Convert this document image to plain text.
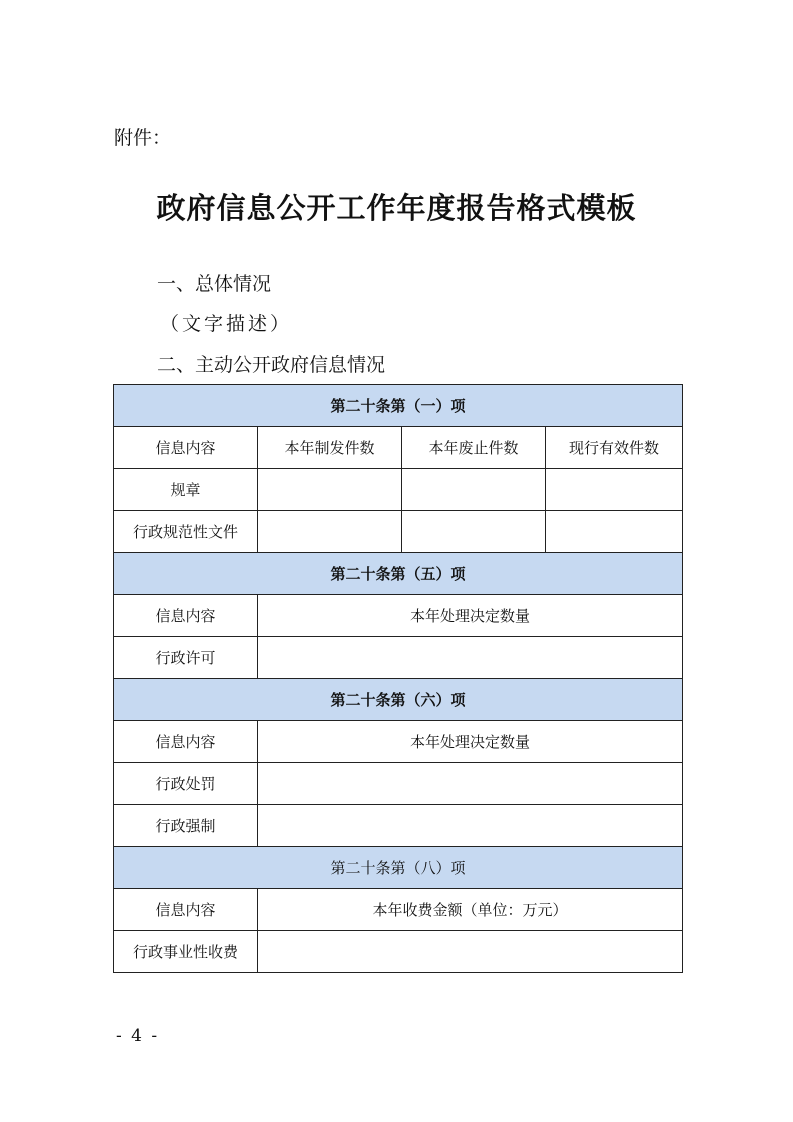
附件：
政府信息公开工作年度报告格式模板
一、总体情况
（文字描述）
二、主动公开政府信息情况
第二十条第（一）项			
信息内容	本年制发件数	本年废止件数	现行有效件数
规章			
行政规范性文件			
第二十条第（五）项			
信息内容	本年处理决定数量		
行政许可			
第二十条第（六）项			
信息内容	本年处理决定数量		
行政处罚			
行政强制			
第二十条第（八）项			
信息内容	本年收费金额（单位：万元）		
行政事业性收费			
- 4 -
